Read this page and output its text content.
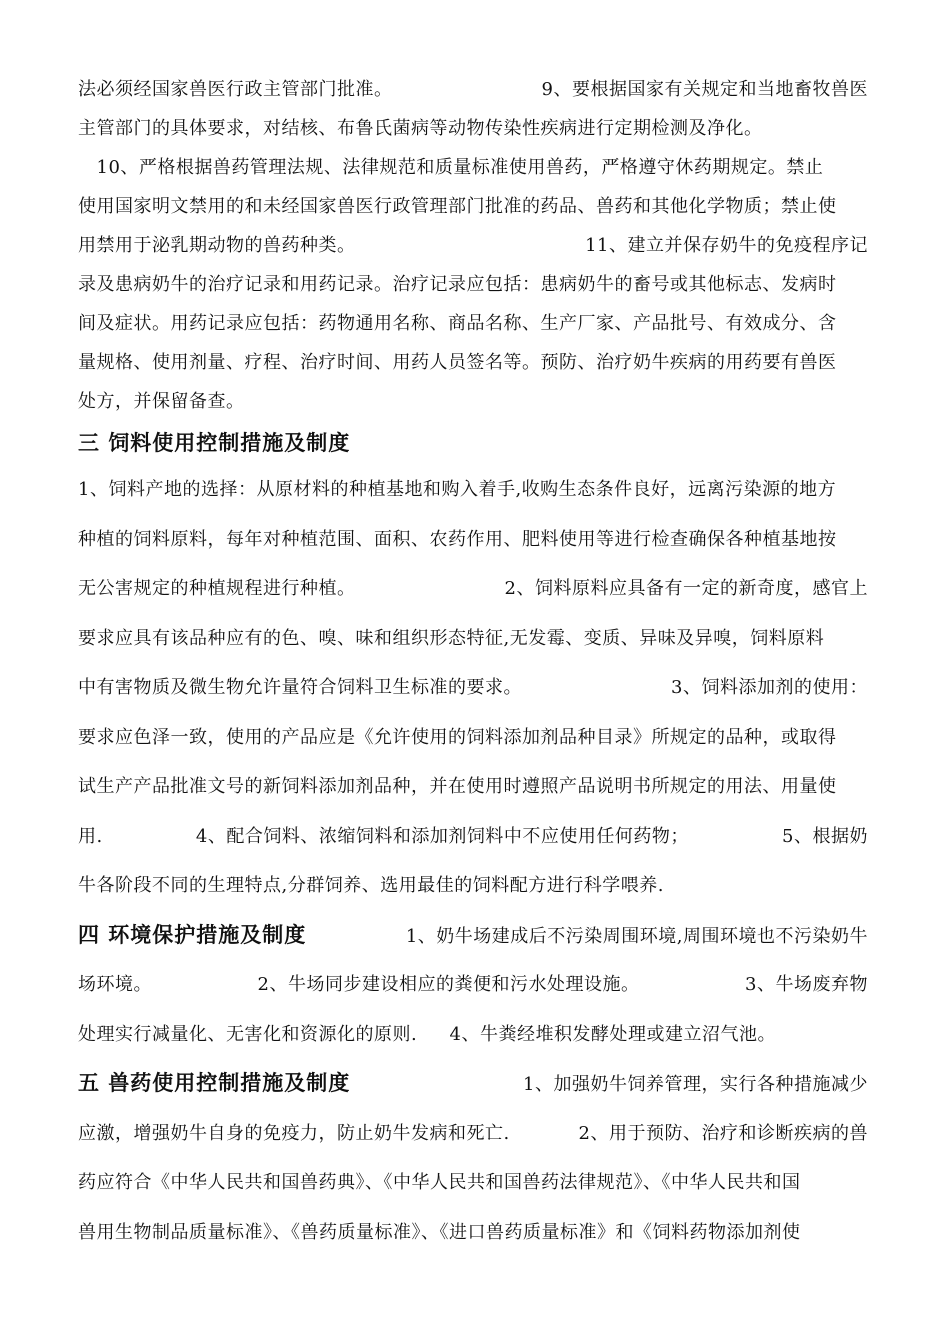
法必须经国家兽医行政主管部门批准。	9、要根据国家有关规定和当地畜牧兽医
主管部门的具体要求，对结核、布鲁氏菌病等动物传染性疾病进行定期检测及净化。
　10、严格根据兽药管理法规、法律规范和质量标准使用兽药，严格遵守休药期规定。禁止
使用国家明文禁用的和未经国家兽医行政管理部门批准的药品、兽药和其他化学物质；禁止使
用禁用于泌乳期动物的兽药种类。	11、建立并保存奶牛的免疫程序记
录及患病奶牛的治疗记录和用药记录。治疗记录应包括：患病奶牛的畜号或其他标志、发病时
间及症状。用药记录应包括：药物通用名称、商品名称、生产厂家、产品批号、有效成分、含
量规格、使用剂量、疗程、治疗时间、用药人员签名等。预防、治疗奶牛疾病的用药要有兽医
处方，并保留备查。
三 饲料使用控制措施及制度
1、饲料产地的选择：从原材料的种植基地和购入着手,收购生态条件良好，远离污染源的地方
种植的饲料原料，每年对种植范围、面积、农药作用、肥料使用等进行检查确保各种植基地按
无公害规定的种植规程进行种植。	2、饲料原料应具备有一定的新奇度，感官上
要求应具有该品种应有的色、嗅、味和组织形态特征,无发霉、变质、异味及异嗅，饲料原料
中有害物质及微生物允许量符合饲料卫生标准的要求。	3、饲料添加剂的使用：
要求应色泽一致，使用的产品应是《允许使用的饲料添加剂品种目录》所规定的品种，或取得
试生产产品批准文号的新饲料添加剂品种，并在使用时遵照产品说明书所规定的用法、用量使
用.	4、配合饲料、浓缩饲料和添加剂饲料中不应使用任何药物；	5、根据奶
牛各阶段不同的生理特点,分群饲养、选用最佳的饲料配方进行科学喂养.
四 环境保护措施及制度	1、奶牛场建成后不污染周围环境,周围环境也不污染奶牛
场环境。	2、牛场同步建设相应的粪便和污水处理设施。	3、牛场废弃物
处理实行减量化、无害化和资源化的原则. 4、牛粪经堆积发酵处理或建立沼气池。
五 兽药使用控制措施及制度	1、加强奶牛饲养管理，实行各种措施减少
应激，增强奶牛自身的免疫力，防止奶牛发病和死亡.	2、用于预防、治疗和诊断疾病的兽
药应符合《中华人民共和国兽药典》、《中华人民共和国兽药法律规范》、《中华人民共和国
兽用生物制品质量标准》、《兽药质量标准》、《进口兽药质量标准》和《饲料药物添加剂使
